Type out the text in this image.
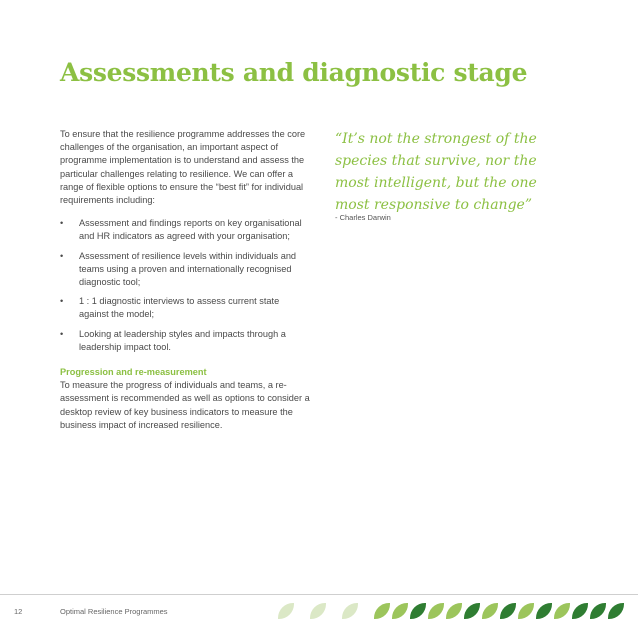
Assessments and diagnostic stage

To ensure that the resilience programme addresses the core challenges of the organisation, an important aspect of programme implementation is to understand and assess the particular challenges relating to resilience. We can offer a range of flexible options to ensure the “best fit” for individual requirements including:

• Assessment and findings reports on key organisational and HR indicators as agreed with your organisation;
• Assessment of resilience levels within individuals and teams using a proven and internationally recognised diagnostic tool;
• 1 : 1 diagnostic interviews to assess current state against the model;
• Looking at leadership styles and impacts through a leadership impact tool.

Progression and re-measurement

To measure the progress of individuals and teams, a re-assessment is recommended as well as options to consider a desktop review of key business indicators to measure the business impact of increased resilience.

“It’s not the strongest of the species that survive, nor the most intelligent, but the one most responsive to change”

- Charles Darwin
12	Optimal Resilience Programmes
